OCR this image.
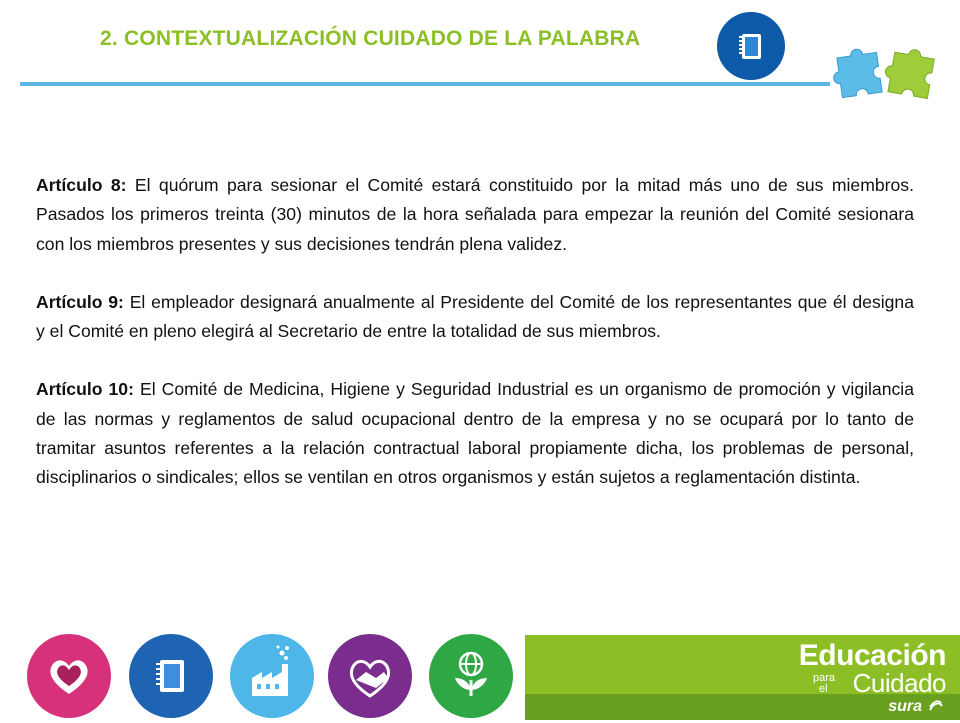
2. CONTEXTUALIZACIÓN CUIDADO DE LA PALABRA

Artículo 8: El quórum para sesionar el Comité estará constituido por la mitad más uno de sus miembros. Pasados los primeros treinta (30) minutos de la hora señalada para empezar la reunión del Comité sesionara con los miembros presentes y sus decisiones tendrán plena validez.

Artículo 9: El empleador designará anualmente al Presidente del Comité de los representantes que él designa y el Comité en pleno elegirá al Secretario de entre la totalidad de sus miembros.

Artículo 10: El Comité de Medicina, Higiene y Seguridad Industrial es un organismo de promoción y vigilancia de las normas y reglamentos de salud ocupacional dentro de la empresa y no se ocupará por lo tanto de tramitar asuntos referentes a la relación contractual laboral propiamente dicha, los problemas de personal, disciplinarios o sindicales; ellos se ventilan en otros organismos y están sujetos a reglamentación distinta.

Educación
para
el Cuidado
sura
